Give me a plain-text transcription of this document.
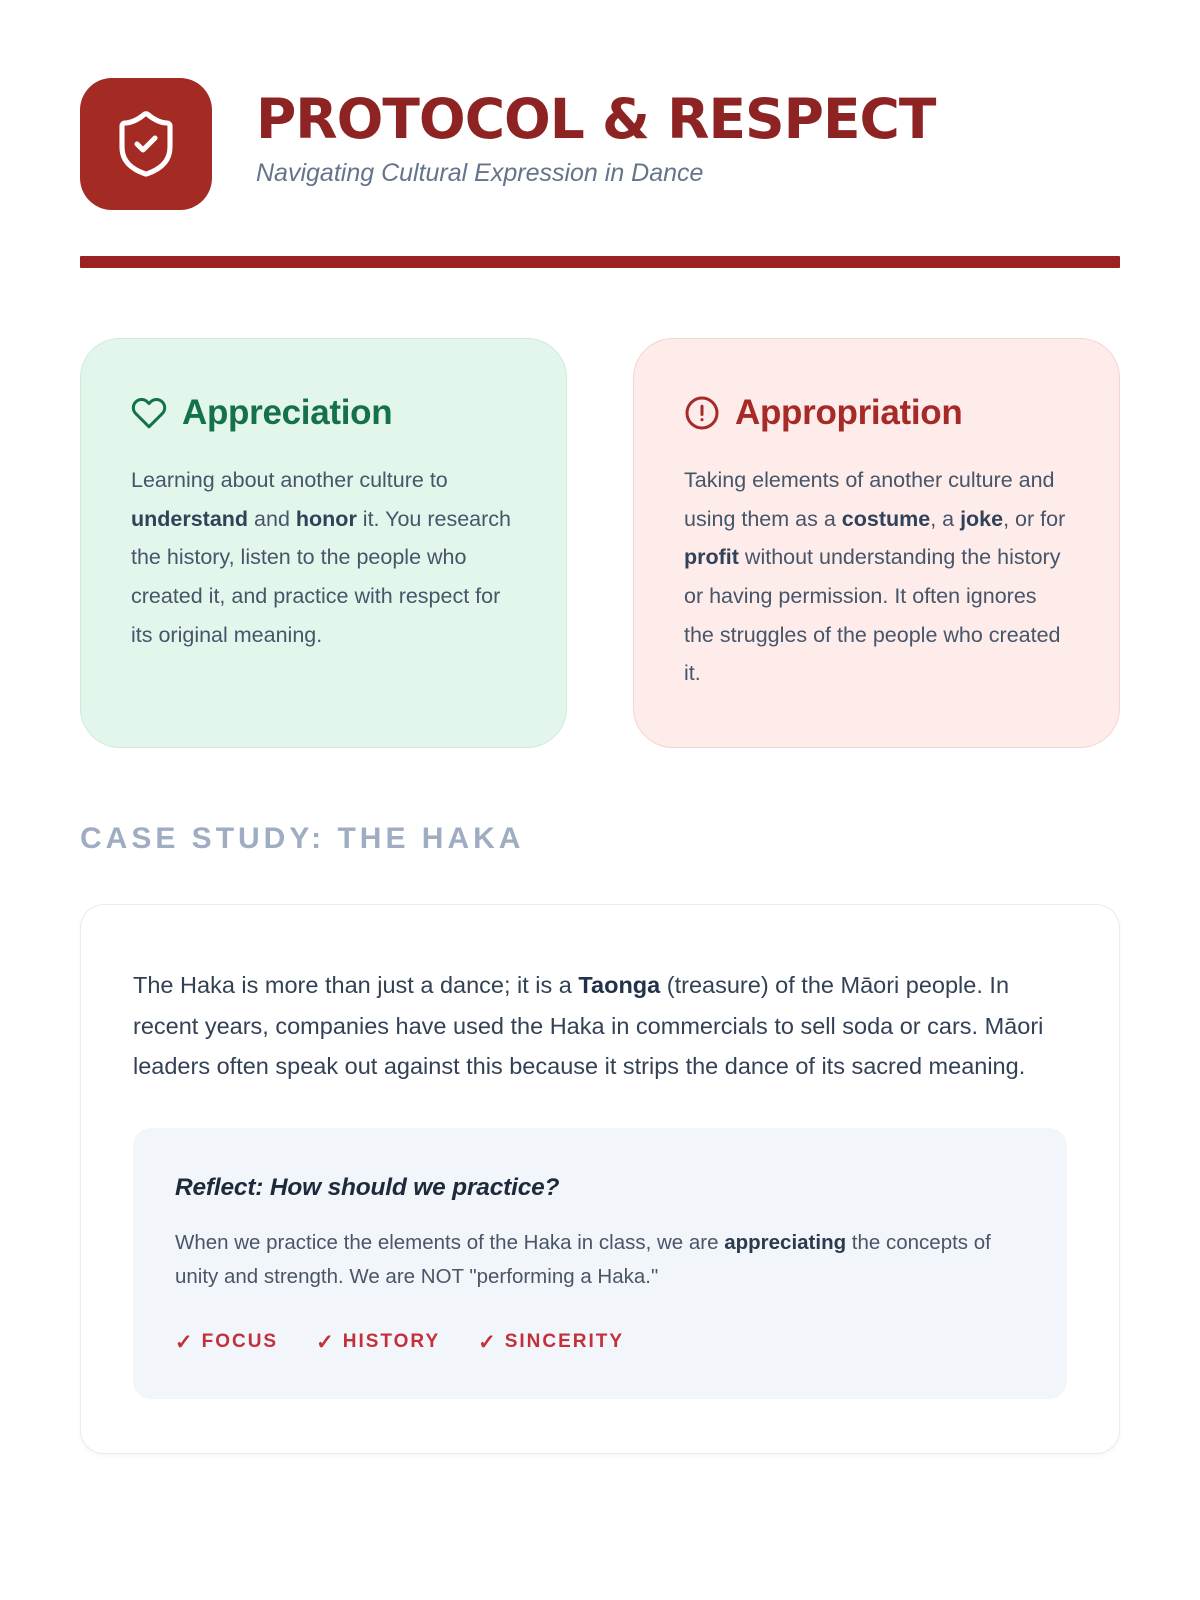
PROTOCOL & RESPECT
Navigating Cultural Expression in Dance
Appreciation

Learning about another culture to understand and honor it. You research the history, listen to the people who created it, and practice with respect for its original meaning.

Appropriation

Taking elements of another culture and using them as a costume, a joke, or for profit without understanding the history or having permission. It often ignores the struggles of the people who created it.

CASE STUDY: THE HAKA

The Haka is more than just a dance; it is a Taonga (treasure) of the Māori people. In recent years, companies have used the Haka in commercials to sell soda or cars. Māori leaders often speak out against this because it strips the dance of its sacred meaning.

Reflect: How should we practice?

When we practice the elements of the Haka in class, we are appreciating the concepts of unity and strength. We are NOT "performing a Haka."

✓ FOCUS ✓ HISTORY ✓ SINCERITY
